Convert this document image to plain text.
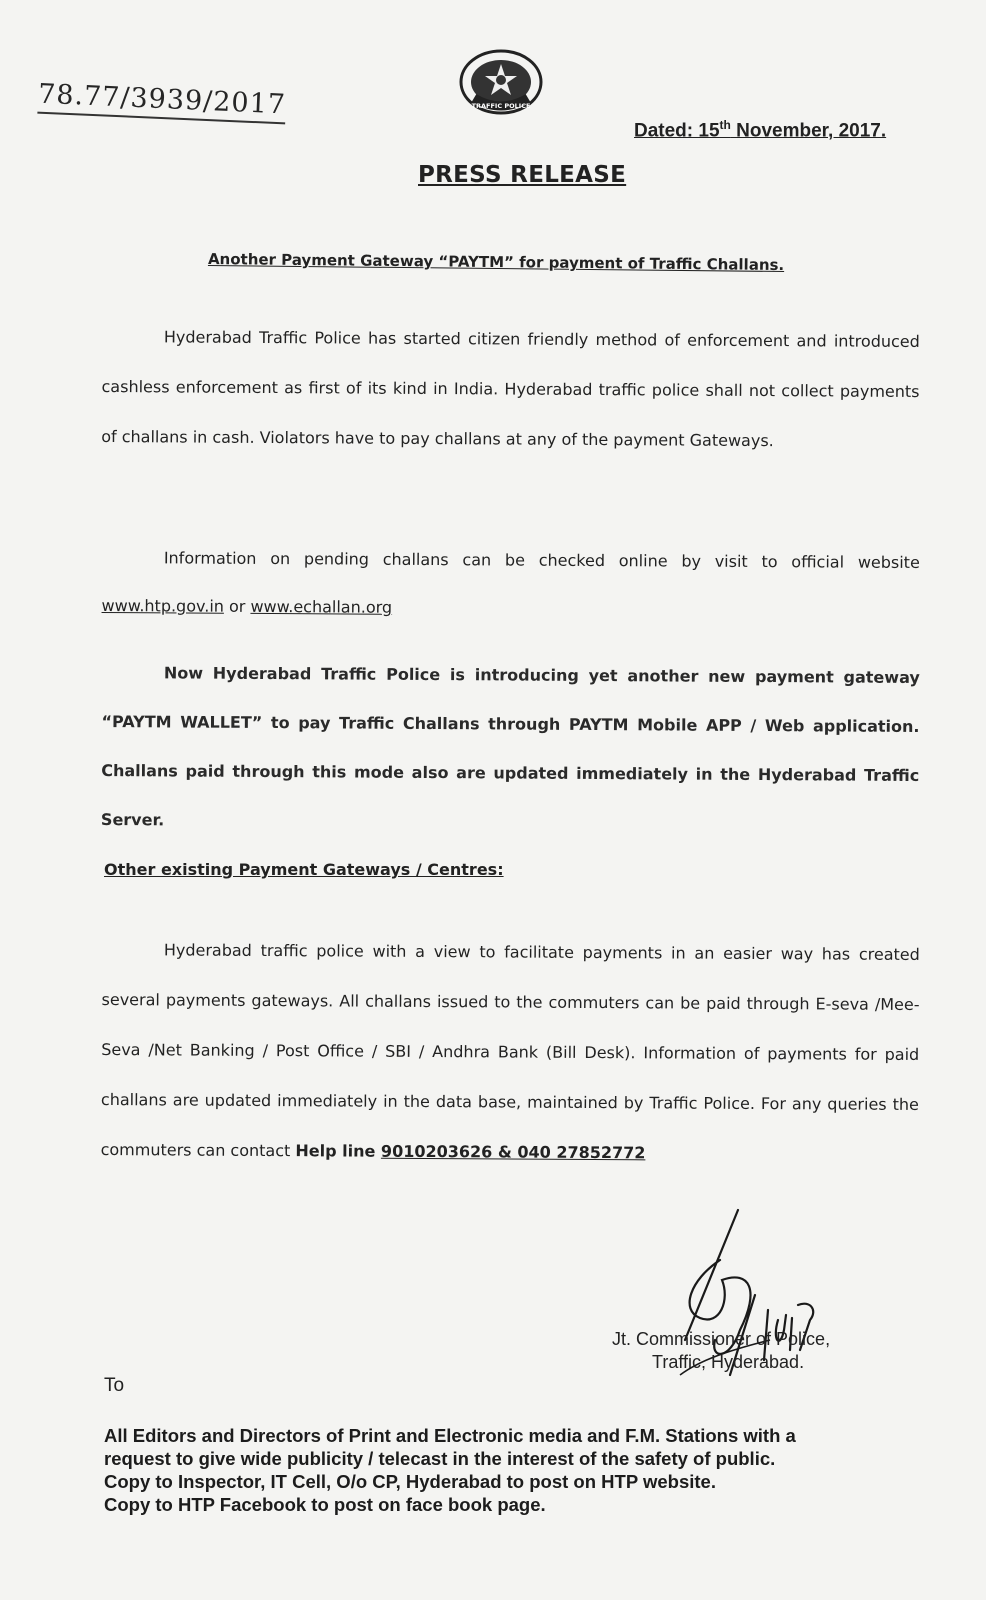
78.77/3939/2017	TRAFFIC POLICE
Dated: 15th November, 2017.
PRESS RELEASE
Another Payment Gateway “PAYTM” for payment of Traffic Challans.

Hyderabad Traffic Police has started citizen friendly method of enforcement and introduced cashless enforcement as first of its kind in India. Hyderabad traffic police shall not collect payments of challans in cash. Violators have to pay challans at any of the payment Gateways.

Information on pending challans can be checked online by visit to official website www.htp.gov.in or www.echallan.org

Now Hyderabad Traffic Police is introducing yet another new payment gateway “PAYTM WALLET” to pay Traffic Challans through PAYTM Mobile APP / Web application. Challans paid through this mode also are updated immediately in the Hyderabad Traffic Server.

Other existing Payment Gateways / Centres:

Hyderabad traffic police with a view to facilitate payments in an easier way has created several payments gateways. All challans issued to the commuters can be paid through E-seva /Mee-Seva /Net Banking / Post Office / SBI / Andhra Bank (Bill Desk). Information of payments for paid challans are updated immediately in the data base, maintained by Traffic Police. For any queries the commuters can contact Help line 9010203626 & 040 27852772

Jt. Commissioner of Police,
Traffic, Hyderabad.
To
All Editors and Directors of Print and Electronic media and F.M. Stations with a
request to give wide publicity / telecast in the interest of the safety of public.
Copy to Inspector, IT Cell, O/o CP, Hyderabad to post on HTP website.
Copy to HTP Facebook to post on face book page.
